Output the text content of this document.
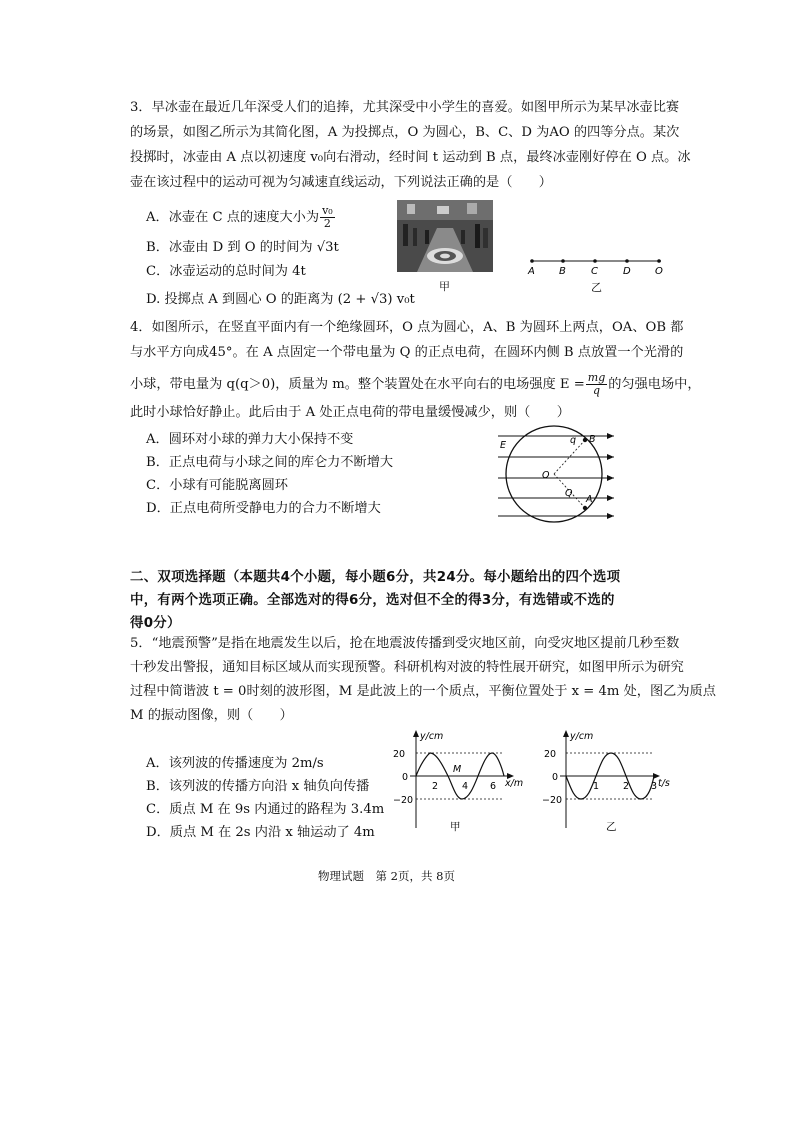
3．早冰壶在最近几年深受人们的追捧，尤其深受中小学生的喜爱。如图甲所示为某早冰壶比赛
的场景，如图乙所示为其简化图，A 为投掷点，O 为圆心，B、C、D 为AO 的四等分点。某次
投掷时，冰壶由 A 点以初速度 v₀向右滑动，经时间 t 运动到 B 点，最终冰壶刚好停在 O 点。冰
壶在该过程中的运动可视为匀减速直线运动，下列说法正确的是（　　）
A．冰壶在 C 点的速度大小为 $\frac{\text{v₀}}{2}$
B．冰壶由 D 到 O 的时间为 √3t
C．冰壶运动的总时间为 4t
D. 投掷点 A 到圆心 O 的距离为 (2 + √3) v₀t
甲
A B	C	D O
乙
4．如图所示，在竖直平面内有一个绝缘圆环，O 点为圆心，A、B 为圆环上两点，OA、OB 都
与水平方向成45°。在 A 点固定一个带电量为 Q 的正点电荷，在圆环内侧 B 点放置一个光滑的
小球，带电量为 q(q＞0)，质量为 m。整个装置处在水平向右的电场强度 $E = \frac{mg}{q}$ 的匀强电场中，
此时小球恰好静止。此后由于 A 处正点电荷的带电量缓慢减少，则（　　）
A．圆环对小球的弹力大小保持不变
B．正点电荷与小球之间的库仑力不断增大
C．小球有可能脱离圆环
D．正点电荷所受静电力的合力不断增大
E	q B
O
Q
A
二、双项选择题（本题共4个小题，每小题6分，共24分。每小题给出的四个选项
中，有两个选项正确。全部选对的得6分，选对但不全的得3分，有选错或不选的
得0分）
5．“地震预警”是指在地震发生以后，抢在地震波传播到受灾地区前，向受灾地区提前几秒至数
十秒发出警报，通知目标区域从而实现预警。科研机构对波的特性展开研究，如图甲所示为研究
过程中简谐波 t = 0时刻的波形图，M 是此波上的一个质点，平衡位置处于 x = 4m 处，图乙为质点
M 的振动图像，则（　　）
A．该列波的传播速度为 2m/s
B．该列波的传播方向沿 x 轴负向传播
C．质点 M 在 9s 内通过的路程为 3.4m
D．质点 M 在 2s 内沿 x 轴运动了 4m
20
0
−20
y/cm
2	4 6 x/m
M
甲
20
0
−20
y/cm
1	2 3 t/s
乙
物理试题　第 2页，共 8页
